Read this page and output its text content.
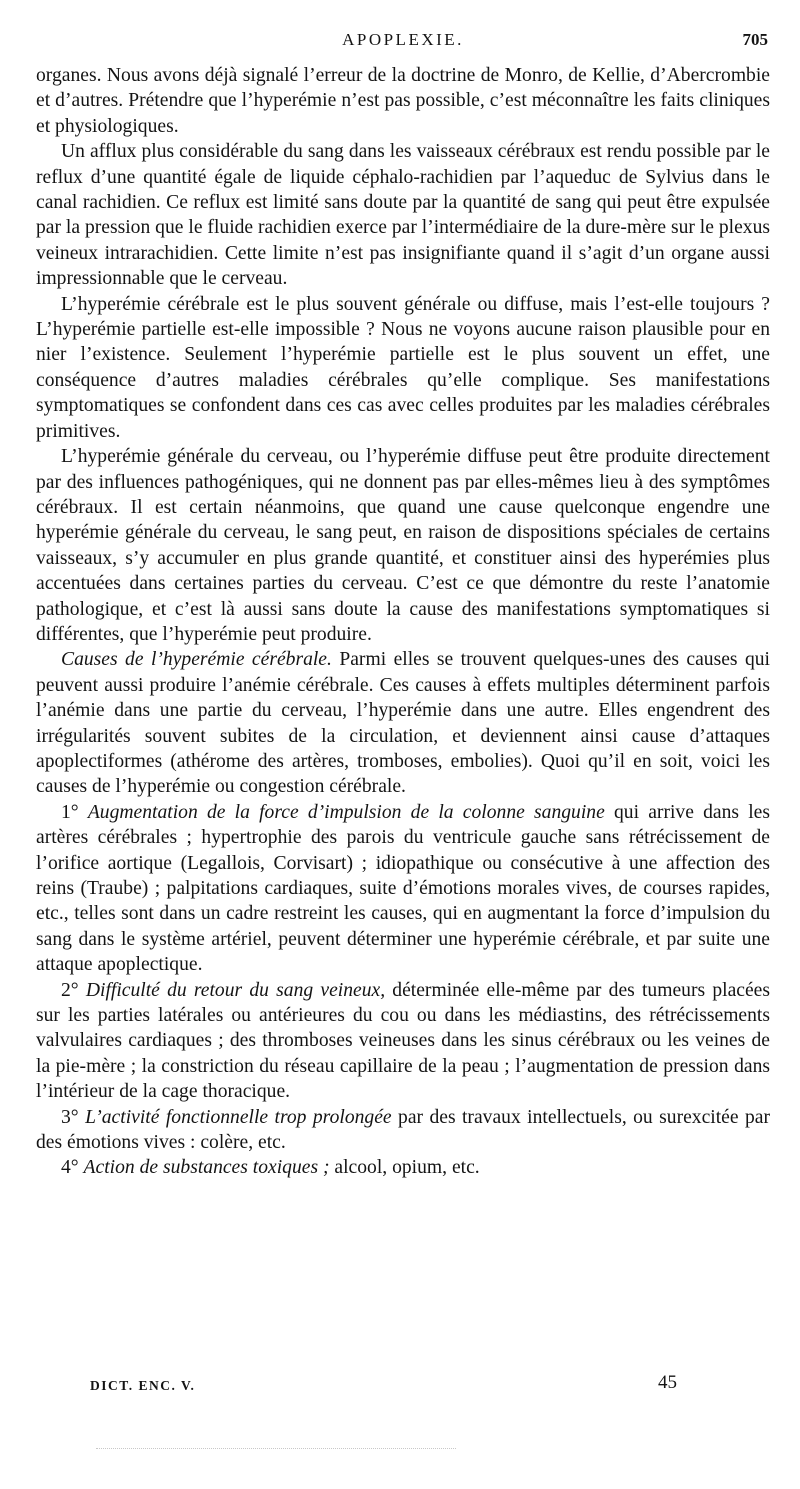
APOPLEXIE.	705

organes. Nous avons déjà signalé l’erreur de la doctrine de Monro, de Kellie, d’Abercrombie et d’autres. Prétendre que l’hyperémie n’est pas possible, c’est méconnaître les faits cliniques et physiologiques.

Un afflux plus considérable du sang dans les vaisseaux cérébraux est rendu possible par le reflux d’une quantité égale de liquide céphalo-rachidien par l’aqueduc de Sylvius dans le canal rachidien. Ce reflux est limité sans doute par la quantité de sang qui peut être expulsée par la pression que le fluide rachidien exerce par l’intermédiaire de la dure-mère sur le plexus veineux intrarachidien. Cette limite n’est pas insignifiante quand il s’agit d’un organe aussi impressionnable que le cerveau.

L’hyperémie cérébrale est le plus souvent générale ou diffuse, mais l’est-elle toujours ? L’hyperémie partielle est-elle impossible ? Nous ne voyons aucune raison plausible pour en nier l’existence. Seulement l’hyperémie partielle est le plus souvent un effet, une conséquence d’autres maladies cérébrales qu’elle complique. Ses manifestations symptomatiques se confondent dans ces cas avec celles produites par les maladies cérébrales primitives.

L’hyperémie générale du cerveau, ou l’hyperémie diffuse peut être produite directement par des influences pathogéniques, qui ne donnent pas par elles-mêmes lieu à des symptômes cérébraux. Il est certain néanmoins, que quand une cause quelconque engendre une hyperémie générale du cerveau, le sang peut, en raison de dispositions spéciales de certains vaisseaux, s’y accumuler en plus grande quantité, et constituer ainsi des hyperémies plus accentuées dans certaines parties du cerveau. C’est ce que démontre du reste l’anatomie pathologique, et c’est là aussi sans doute la cause des manifestations symptomatiques si différentes, que l’hyperémie peut produire.

Causes de l’hyperémie cérébrale. Parmi elles se trouvent quelques-unes des causes qui peuvent aussi produire l’anémie cérébrale. Ces causes à effets multiples déterminent parfois l’anémie dans une partie du cerveau, l’hyperémie dans une autre. Elles engendrent des irrégularités souvent subites de la circulation, et deviennent ainsi cause d’attaques apoplectiformes (athérome des artères, tromboses, embolies). Quoi qu’il en soit, voici les causes de l’hyperémie ou congestion cérébrale.

1° Augmentation de la force d’impulsion de la colonne sanguine qui arrive dans les artères cérébrales ; hypertrophie des parois du ventricule gauche sans rétrécissement de l’orifice aortique (Legallois, Corvisart) ; idiopathique ou consécutive à une affection des reins (Traube) ; palpitations cardiaques, suite d’émotions morales vives, de courses rapides, etc., telles sont dans un cadre restreint les causes, qui en augmentant la force d’impulsion du sang dans le système artériel, peuvent déterminer une hyperémie cérébrale, et par suite une attaque apoplectique.

2° Difficulté du retour du sang veineux, déterminée elle-même par des tumeurs placées sur les parties latérales ou antérieures du cou ou dans les médiastins, des rétrécissements valvulaires cardiaques ; des thromboses veineuses dans les sinus cérébraux ou les veines de la pie-mère ; la constriction du réseau capillaire de la peau ; l’augmentation de pression dans l’intérieur de la cage thoracique.

3° L’activité fonctionnelle trop prolongée par des travaux intellectuels, ou surexcitée par des émotions vives : colère, etc.

4° Action de substances toxiques ; alcool, opium, etc.

DICT. ENC. V.	45
